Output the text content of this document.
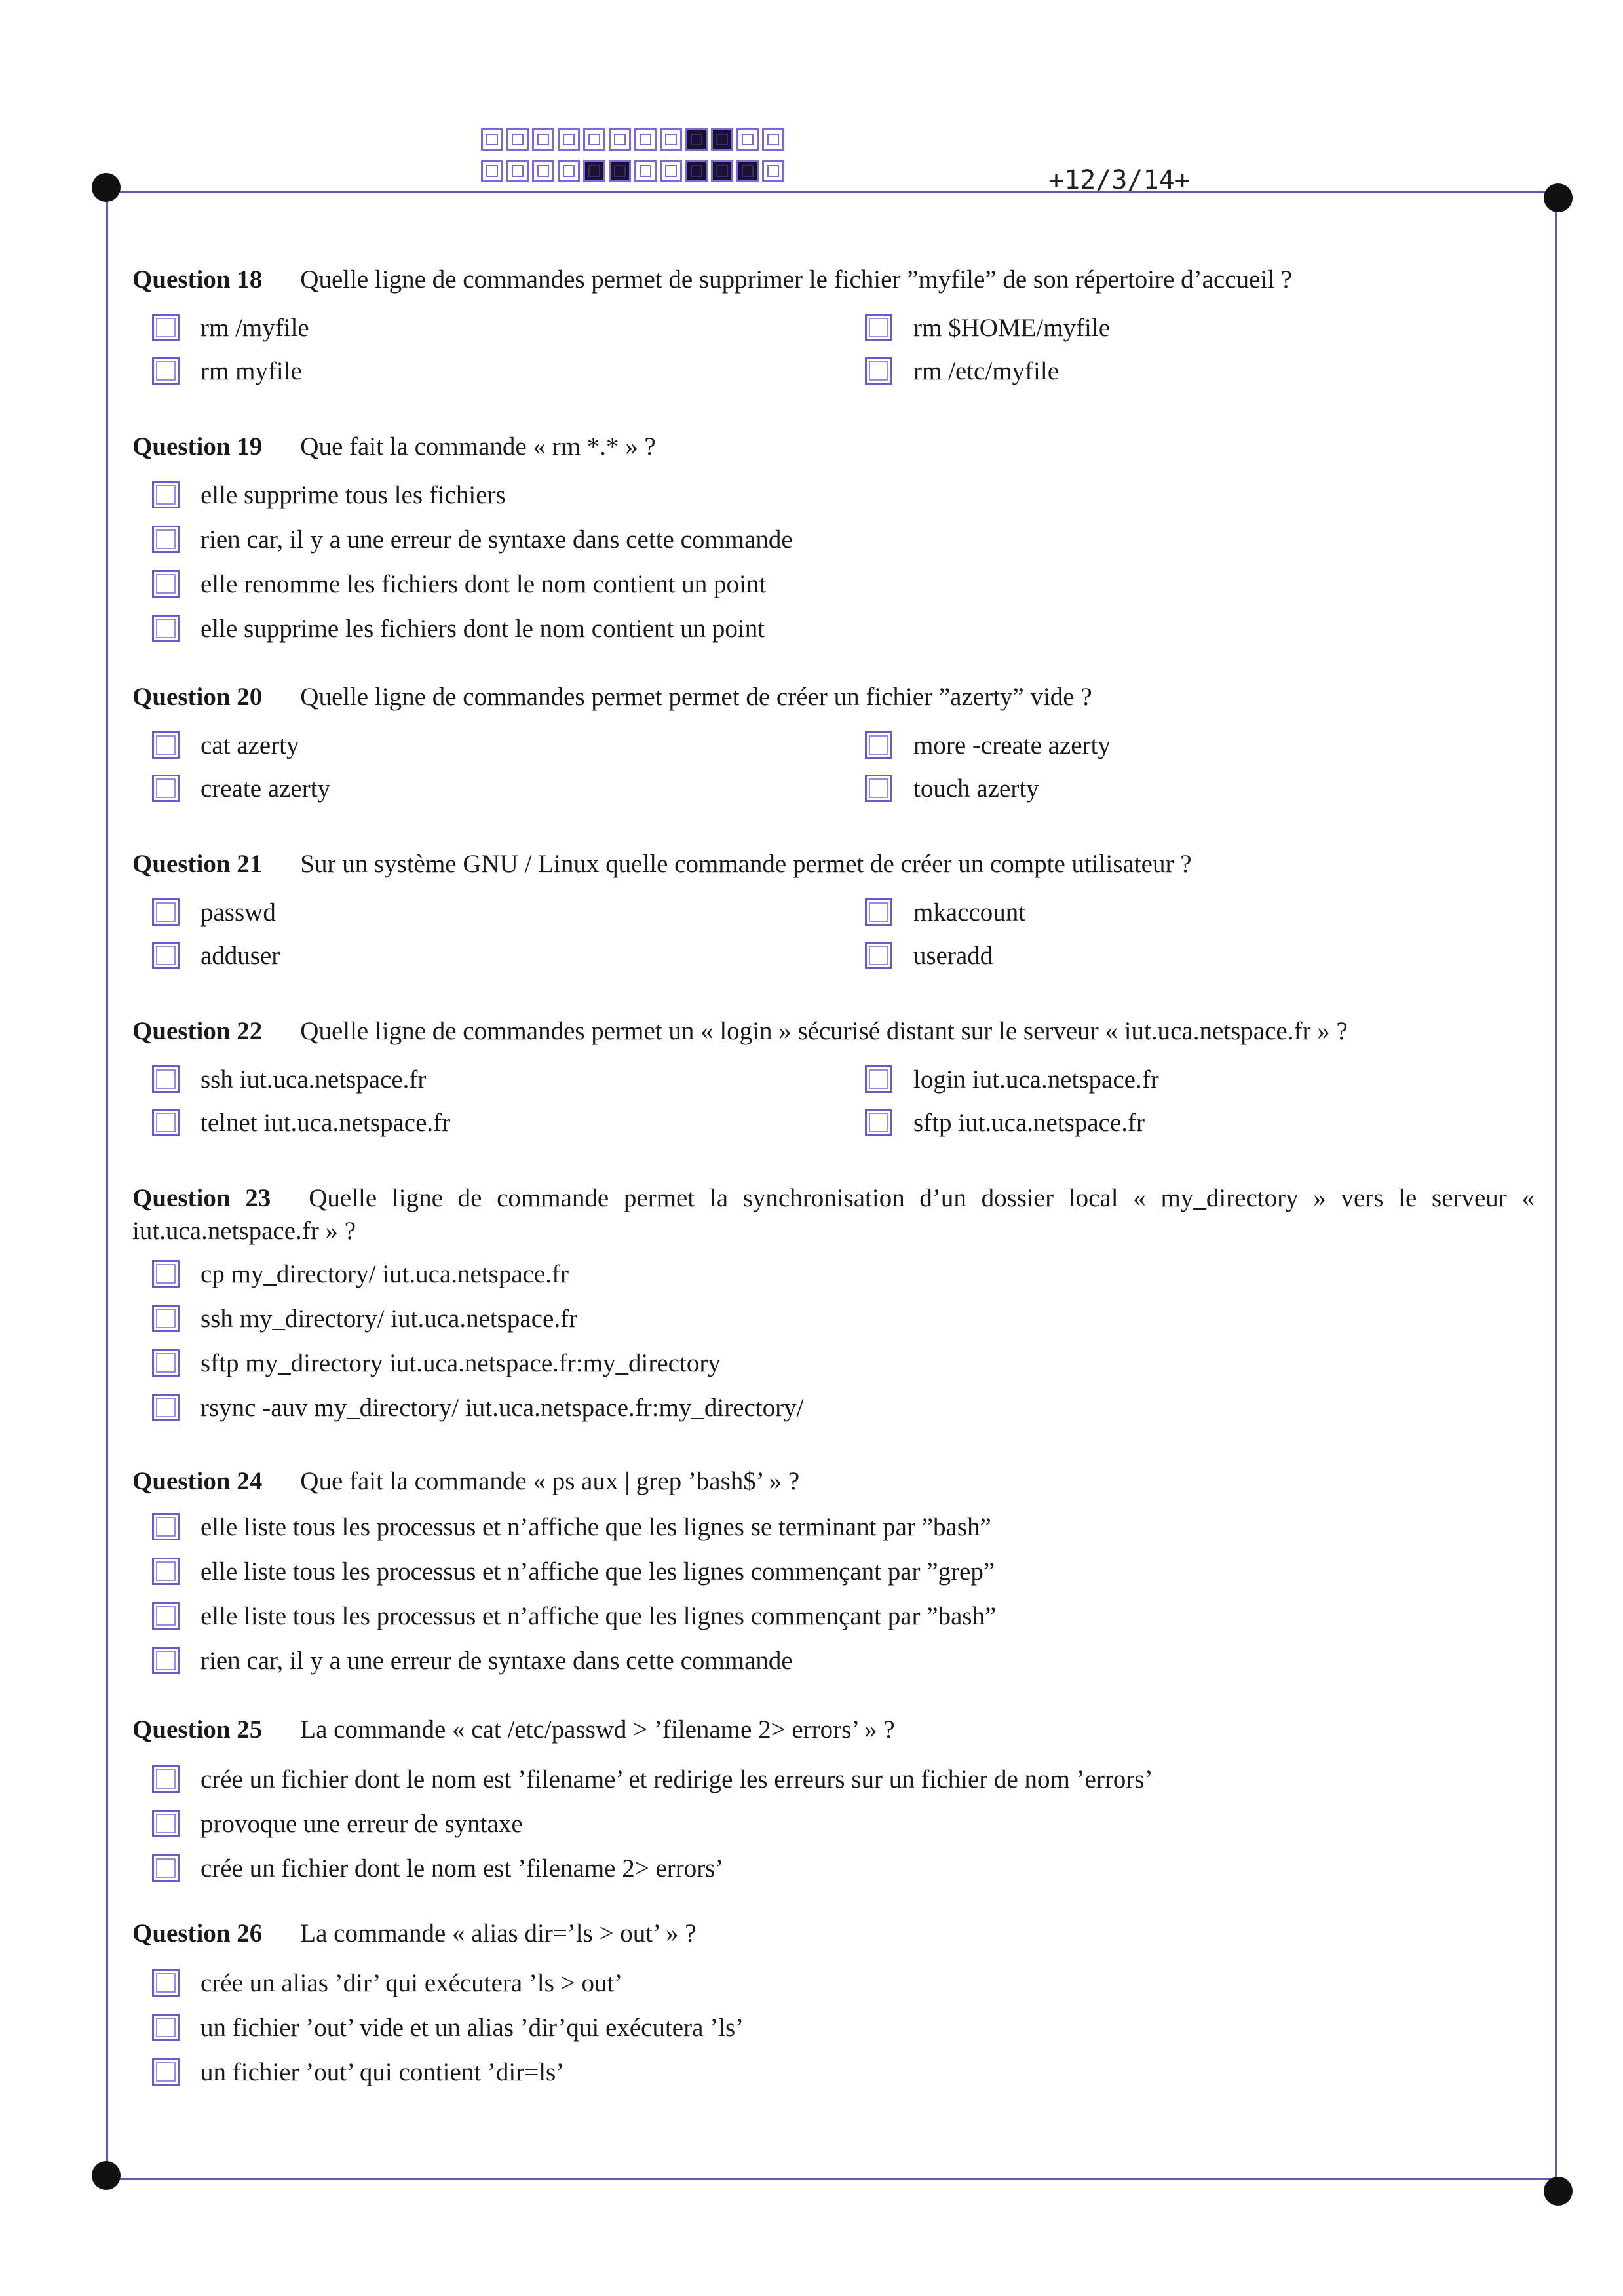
+12/3/14+
Question 18 Quelle ligne de commandes permet de supprimer le fichier ”myfile” de son répertoire d’accueil ?
rm /myfile
rm myfile
rm $HOME/myfile
rm /etc/myfile
Question 19 Que fait la commande « rm *.* » ?
elle supprime tous les fichiers
rien car, il y a une erreur de syntaxe dans cette commande
elle renomme les fichiers dont le nom contient un point
elle supprime les fichiers dont le nom contient un point
Question 20 Quelle ligne de commandes permet permet de créer un fichier ”azerty” vide ?
cat azerty
create azerty
more -create azerty
touch azerty
Question 21 Sur un système GNU / Linux quelle commande permet de créer un compte utilisateur ?
passwd
adduser
mkaccount
useradd
Question 22 Quelle ligne de commandes permet un « login » sécurisé distant sur le serveur « iut.uca.netspace.fr » ?
ssh iut.uca.netspace.fr
telnet iut.uca.netspace.fr
login iut.uca.netspace.fr
sftp iut.uca.netspace.fr
Question 23 Quelle ligne de commande permet la synchronisation d’un dossier local « my_directory » vers le serveur « iut.uca.netspace.fr » ?
cp my_directory/ iut.uca.netspace.fr
ssh my_directory/ iut.uca.netspace.fr
sftp my_directory iut.uca.netspace.fr:my_directory
rsync -auv my_directory/ iut.uca.netspace.fr:my_directory/
Question 24 Que fait la commande « ps aux | grep ’bash$’ » ?
elle liste tous les processus et n’affiche que les lignes se terminant par ”bash”
elle liste tous les processus et n’affiche que les lignes commençant par ”grep”
elle liste tous les processus et n’affiche que les lignes commençant par ”bash”
rien car, il y a une erreur de syntaxe dans cette commande
Question 25 La commande « cat /etc/passwd > ’filename 2> errors’ » ?
crée un fichier dont le nom est ’filename’ et redirige les erreurs sur un fichier de nom ’errors’
provoque une erreur de syntaxe
crée un fichier dont le nom est ’filename 2> errors’
Question 26 La commande « alias dir=’ls > out’ » ?
crée un alias ’dir’ qui exécutera ’ls > out’
un fichier ’out’ vide et un alias ’dir’qui exécutera ’ls’
un fichier ’out’ qui contient ’dir=ls’
